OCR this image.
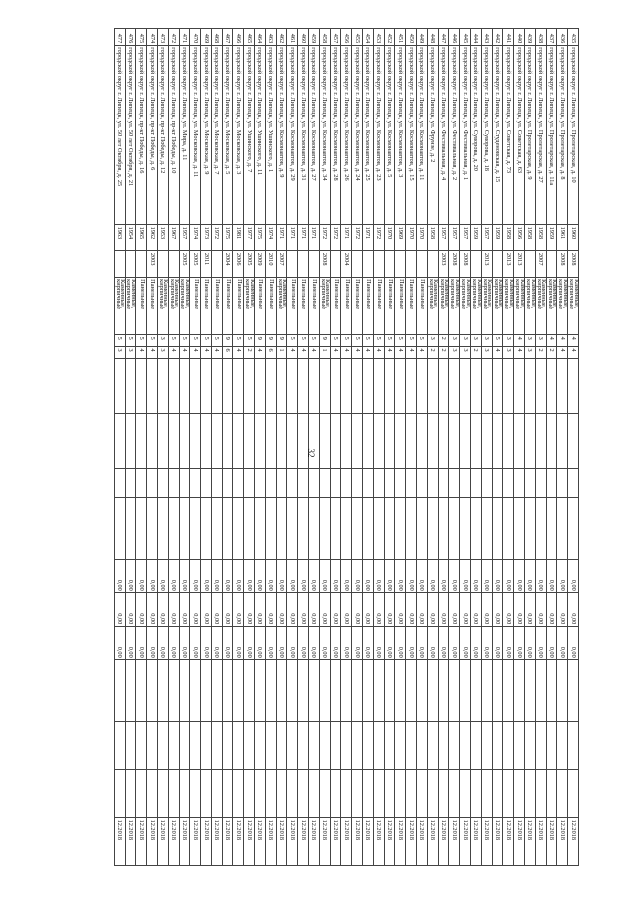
435	городской округ г. Липецк, ул. Пролетарская, д. 10	1960	2008	Каменные, кирпичные	4	4					0,00	0,00	0,00				12.2018
436	городской округ г. Липецк, ул. Пролетарская, д. 8	1961	2008	Каменные, кирпичные	4	4					0,00	0,00	0,00				12.2018
437	городской округ г. Липецк, ул. Пролетарская, д. 11а	1959		Каменные, кирпичные	4	2					0,00	0,00	0,00				12.2018
438	городской округ г. Липецк, ул. Пролетарская, д. 27	1958	2007	Каменные, кирпичные	3	2					0,00	0,00	0,00				12.2018
439	городской округ г. Липецк, ул. Пролетарская, д. 9	1958		Каменные, кирпичные	3	3					0,00	0,00	0,00				12.2018
440	городской округ г. Липецк, ул. Советская, д. 63	1956	2013	Каменные, кирпичные	4	4					0,00	0,00	0,00				12.2018
441	городской округ г. Липецк, ул. Советская, д. 73	1958	2013	Каменные, кирпичные	3	3					0,00	0,00	0,00				12.2018
442	городской округ г. Липецк, ул. Студеновская, д. 15	1959		Каменные, кирпичные	5	4					0,00	0,00	0,00				12.2018
443	городской округ г. Липецк, ул. Суворова, д. 18	1957	2013	Каменные, кирпичные	3	3					0,00	0,00	0,00				12.2018
444	городской округ г. Липецк, ул. Суворова, д. 20	1959		Каменные, кирпичные	3	2					0,00	0,00	0,00				12.2018
445	городской округ г. Липецк, ул. Фестивальная, д. 1	1957	2008	Каменные, кирпичные	3	3					0,00	0,00	0,00				12.2018
446	городской округ г. Липецк, ул. Фестивальная, д. 2	1957	2008	Каменные, кирпичные	3	3					0,00	0,00	0,00				12.2018
447	городской округ г. Липецк, ул. Фестивальная, д. 4	1957	2003	Каменные, кирпичные	2	2					0,00	0,00	0,00				12.2018
448	городской округ г. Липецк, ул. Фрунзе, д. 2	1958		Каменные, кирпичные	3	2					0,00	0,00	0,00				12.2018
449	городской округ г. Липецк, ул. Космонавтов, д. 11	1970		Панельные	5	4					0,00	0,00	0,00				12.2018
450	городской округ г. Липецк, ул. Космонавтов, д. 15	1970		Панельные	5	4					0,00	0,00	0,00				12.2018
451	городской округ г. Липецк, ул. Космонавтов, д. 3	1969		Панельные	5	4					0,00	0,00	0,00				12.2018
452	городской округ г. Липецк, ул. Космонавтов, д. 5	1970		Панельные	5	4					0,00	0,00	0,00				12.2018
453	городской округ г. Липецк, ул. Космонавтов, д. 23	1972		Панельные	5	4					0,00	0,00	0,00				12.2018
454	городской округ г. Липецк, ул. Космонавтов, д. 25	1971		Панельные	5	4					0,00	0,00	0,00				12.2018
455	городской округ г. Липецк, ул. Космонавтов, д. 24	1972		Панельные	5	4					0,00	0,00	0,00				12.2018
456	городской округ г. Липецк, ул. Космонавтов, д. 26	1971	2004	Панельные	5	4					0,00	0,00	0,00				12.2018
457	городской округ г. Липецк, ул. Космонавтов, д. 28	1972		Панельные	5	4					0,00	0,00	0,00				12.2018
458	городской округ г. Липецк, ул. Космонавтов, д. 34	1972	2008	Каменные, кирпичные	9	1					0,00	0,00	0,00				12.2018
459	городской округ г. Липецк, ул. Космонавтов, д. 27	1971		Панельные	5	4					0,00	0,00	0,00				12.2018
460	городской округ г. Липецк, ул. Космонавтов, д. 31	1971		Панельные	5	4					0,00	0,00	0,00				12.2018
461	городской округ г. Липецк, ул. Космонавтов, д. 29	1971		Панельные	5	4					0,00	0,00	0,00				12.2018
462	городской округ г. Липецк, ул. Космонавтов, д. 9	1971	2007	Каменные, кирпичные	9	1					0,00	0,00	0,00				12.2018
463	городской округ г. Липецк, ул. Ушинского, д. 1	1974	2010	Панельные	9	6					0,00	0,00	0,00				12.2018
464	городской округ г. Липецк, ул. Ушинского, д. 11	1975	2009	Панельные	9	4					0,00	0,00	0,00				12.2018
465	городской округ г. Липецк, ул. Ушинского, д. 7	1977	2005	Каменные, кирпичные	5	2					0,00	0,00	0,00				12.2018
466	городской округ г. Липецк, ул. Московская, д. 3	1981	2006	Панельные	5	4					0,00	0,00	0,00				12.2018
467	городской округ г. Липецк, ул. Московская, д. 5	1975	2004	Панельные	9	6					0,00	0,00	0,00				12.2018
468	городской округ г. Липецк, ул. Московская, д. 7	1972		Панельные	5	4					0,00	0,00	0,00				12.2018
469	городской округ г. Липецк, ул. Московская, д. 9	1973	2011	Панельные	5	4					0,00	0,00	0,00				12.2018
470	городской округ г. Липецк, ул. Московская, д. 11	1974	2005	Панельные	5	4					0,00	0,00	0,00				12.2018
471	городской округ г. Липецк, ул. Мира, д. 11	1957	2005	Каменные, кирпичные	5	4					0,00	0,00	0,00				12.2018
472	городской округ г. Липецк, пр-кт Победы, д. 10	1967		Каменные, кирпичные	5	4					0,00	0,00	0,00				12.2018
473	городской округ г. Липецк, пр-кт Победы, д. 12	1953		Каменные, кирпичные	3	3					0,00	0,00	0,00				12.2018
474	городской округ г. Липецк, пр-кт Победы, д. 6	1962	2003	Панельные	5	4					0,00	0,00	0,00				12.2018
475	городской округ г. Липецк, пр-кт Победы, д. 16	1965		Панельные	5	4					0,00	0,00	0,00				12.2018
476	городской округ г. Липецк, ул. 50 лет Октября, д. 21	1954		Каменные, кирпичные	5	3					0,00	0,00	0,00				12.2018
477	городской округ г. Липецк, ул. 50 лет Октября, д. 25	1963		Каменные, кирпичные	5	3					0,00	0,00	0,00				12.2018
32
